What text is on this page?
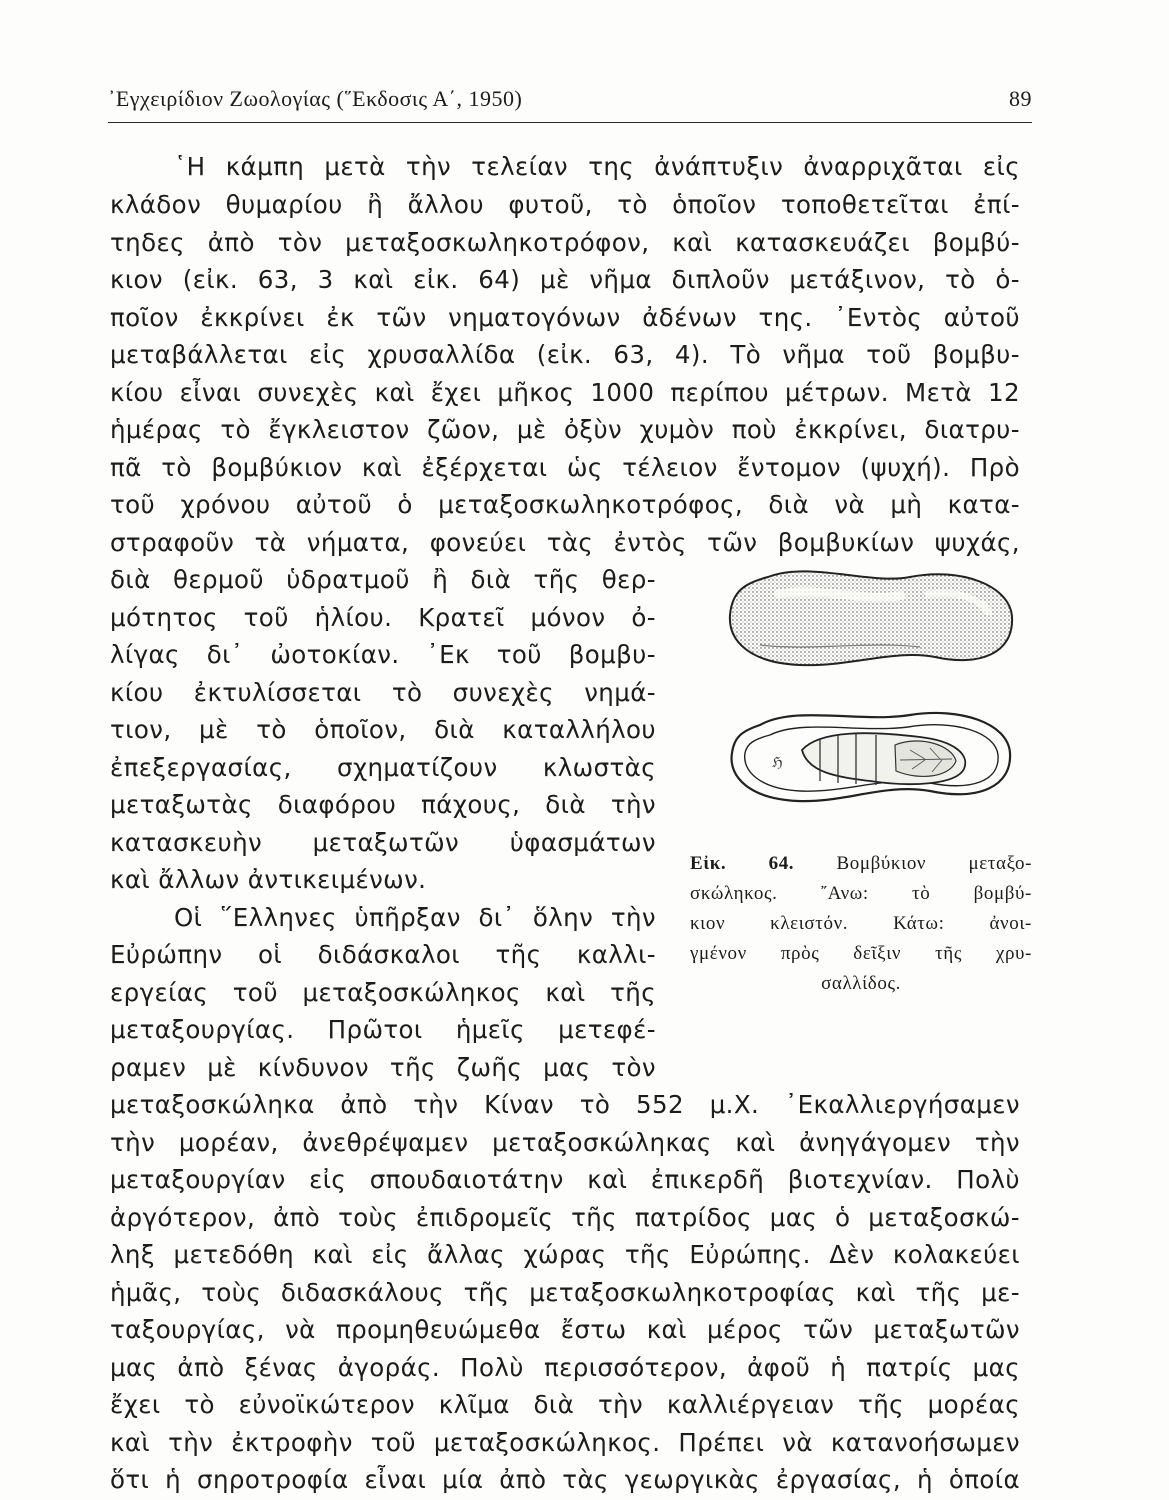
᾿Εγχειρίδιον Ζωολογίας (῞Εκδοσις Α΄, 1950)	89
῾Η κάμπη μετὰ τὴν τελείαν της ἀνάπτυξιν ἀναρριχᾶται εἰς
κλάδον θυμαρίου ἢ ἄλλου φυτοῦ, τὸ ὁποῖον τοποθετεῖται ἐπί-
τηδες ἀπὸ τὸν μεταξοσκωληκοτρόφον, καὶ κατασκευάζει βομβύ-
κιον (εἰκ. 63, 3 καὶ εἰκ. 64) μὲ νῆμα διπλοῦν μετάξινον, τὸ ὁ-
ποῖον ἐκκρίνει ἐκ τῶν νηματογόνων ἀδένων της. ᾿Εντὸς αὐτοῦ
μεταβάλλεται εἰς χρυσαλλίδα (εἰκ. 63, 4). Τὸ νῆμα τοῦ βομβυ-
κίου εἶναι συνεχὲς καὶ ἔχει μῆκος 1000 περίπου μέτρων. Μετὰ 12
ἡμέρας τὸ ἔγκλειστον ζῶον, μὲ ὀξὺν χυμὸν ποὺ ἐκκρίνει, διατρυ-
πᾶ τὸ βομβύκιον καὶ ἐξέρχεται ὡς τέλειον ἔντομον (ψυχή). Πρὸ
τοῦ χρόνου αὐτοῦ ὁ μεταξοσκωληκοτρόφος, διὰ νὰ μὴ κατα-
στραφοῦν τὰ νήματα, φονεύει τὰς ἐντὸς τῶν βομβυκίων ψυχάς,
διὰ θερμοῦ ὑδρατμοῦ ἢ διὰ τῆς θερ-
μότητος τοῦ ἡλίου. Κρατεῖ μόνον ὀ-
λίγας δι᾿ ὠοτοκίαν. ᾿Εκ τοῦ βομβυ-
κίου ἐκτυλίσσεται τὸ συνεχὲς νημά-
τιον, μὲ τὸ ὁποῖον, διὰ καταλλήλου
ἐπεξεργασίας, σχηματίζουν κλωστὰς
μεταξωτὰς διαφόρου πάχους, διὰ τὴν
κατασκευὴν μεταξωτῶν ὑφασμάτων
καὶ ἄλλων ἀντικειμένων.
Οἱ ῞Ελληνες ὑπῆρξαν δι᾿ ὅλην τὴν
Εὐρώπην οἱ διδάσκαλοι τῆς καλλι-
εργείας τοῦ μεταξοσκώληκος καὶ τῆς
μεταξουργίας. Πρῶτοι ἡμεῖς μετεφέ-
ραμεν μὲ κίνδυνον τῆς ζωῆς μας τὸν
μεταξοσκώληκα ἀπὸ τὴν Κίναν τὸ 552 μ.Χ. ᾿Εκαλλιεργήσαμεν
τὴν μορέαν, ἀνεθρέψαμεν μεταξοσκώληκας καὶ ἀνηγάγομεν τὴν
μεταξουργίαν εἰς σπουδαιοτάτην καὶ ἐπικερδῆ βιοτεχνίαν. Πολὺ
ἀργότερον, ἀπὸ τοὺς ἐπιδρομεῖς τῆς πατρίδος μας ὁ μεταξοσκώ-
ληξ μετεδόθη καὶ εἰς ἄλλας χώρας τῆς Εὐρώπης. Δὲν κολακεύει
ἡμᾶς, τοὺς διδασκάλους τῆς μεταξοσκωληκοτροφίας καὶ τῆς με-
ταξουργίας, νὰ προμηθευώμεθα ἔστω καὶ μέρος τῶν μεταξωτῶν
μας ἀπὸ ξένας ἀγοράς. Πολὺ περισσότερον, ἀφοῦ ἡ πατρίς μας
ἔχει τὸ εὐνοϊκώτερον κλῖμα διὰ τὴν καλλιέργειαν τῆς μορέας
καὶ τὴν ἐκτροφὴν τοῦ μεταξοσκώληκος. Πρέπει νὰ κατανοήσωμεν
ὅτι ἡ σηροτροφία εἶναι μία ἀπὸ τὰς γεωργικὰς ἐργασίας, ἡ ὁποία
ℌ
Εἰκ. 64. Βομβύκιον μεταξο-
σκώληκος. ῎Ανω: τὸ βομβύ-
κιον κλειστόν. Κάτω: ἀνοι-
γμένον πρὸς δεῖξιν τῆς χρυ-
σαλλίδος.
